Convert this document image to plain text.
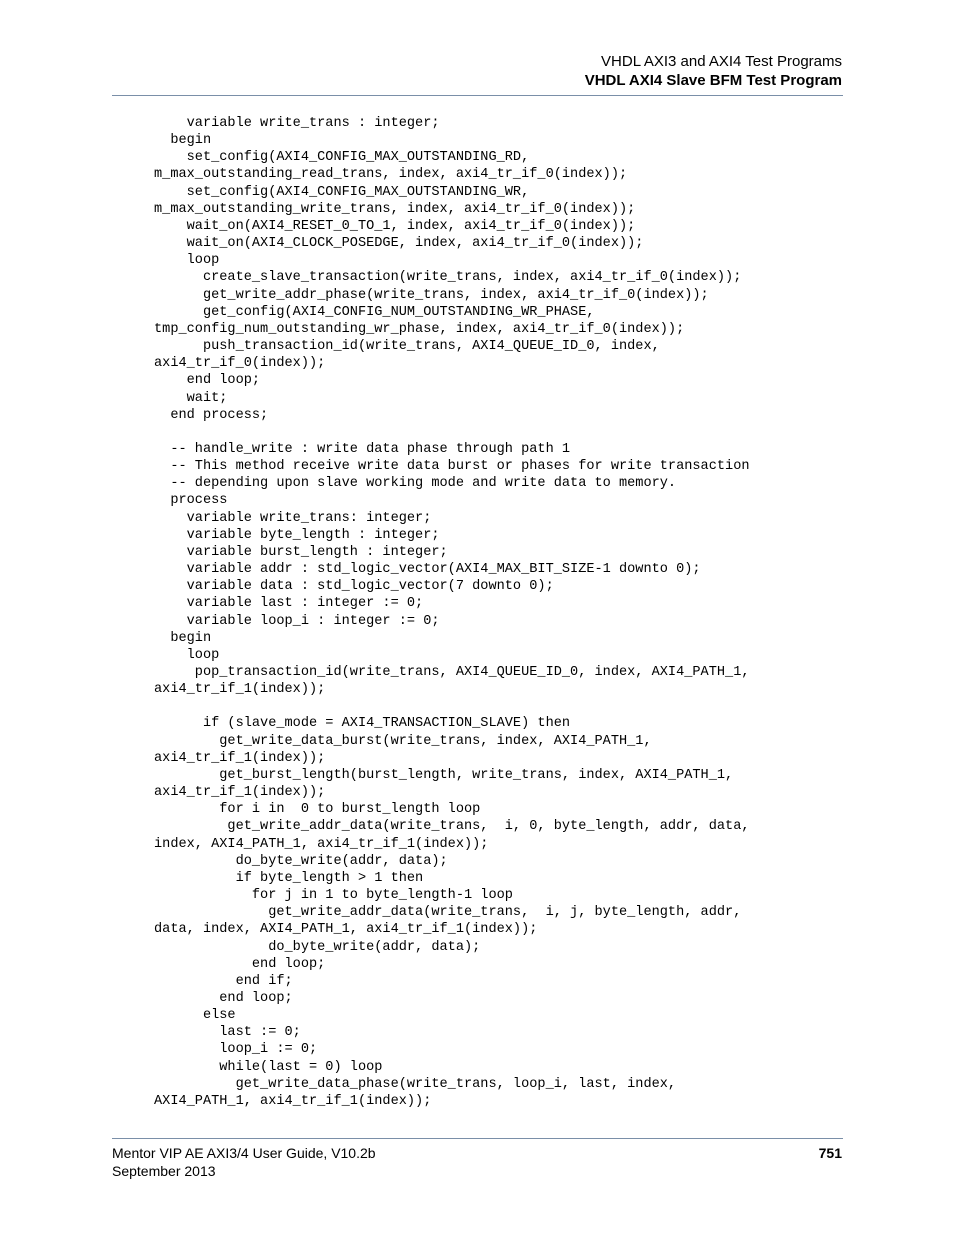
VHDL AXI3 and AXI4 Test Programs
VHDL AXI4 Slave BFM Test Program
variable write_trans : integer;
begin
set_config(AXI4_CONFIG_MAX_OUTSTANDING_RD,
m_max_outstanding_read_trans, index, axi4_tr_if_0(index));
set_config(AXI4_CONFIG_MAX_OUTSTANDING_WR,
m_max_outstanding_write_trans, index, axi4_tr_if_0(index));
wait_on(AXI4_RESET_0_TO_1, index, axi4_tr_if_0(index));
wait_on(AXI4_CLOCK_POSEDGE, index, axi4_tr_if_0(index));
loop
create_slave_transaction(write_trans, index, axi4_tr_if_0(index));
get_write_addr_phase(write_trans, index, axi4_tr_if_0(index));
get_config(AXI4_CONFIG_NUM_OUTSTANDING_WR_PHASE,
tmp_config_num_outstanding_wr_phase, index, axi4_tr_if_0(index));
push_transaction_id(write_trans, AXI4_QUEUE_ID_0, index,
axi4_tr_if_0(index));
end loop;
wait;
end process;

-- handle_write : write data phase through path 1
-- This method receive write data burst or phases for write transaction
-- depending upon slave working mode and write data to memory.
process
variable write_trans: integer;
variable byte_length : integer;
variable burst_length : integer;
variable addr : std_logic_vector(AXI4_MAX_BIT_SIZE-1 downto 0);
variable data : std_logic_vector(7 downto 0);
variable last : integer := 0;
variable loop_i : integer := 0;
begin
loop
pop_transaction_id(write_trans, AXI4_QUEUE_ID_0, index, AXI4_PATH_1,
axi4_tr_if_1(index));

if (slave_mode = AXI4_TRANSACTION_SLAVE) then
get_write_data_burst(write_trans, index, AXI4_PATH_1,
axi4_tr_if_1(index));
get_burst_length(burst_length, write_trans, index, AXI4_PATH_1,
axi4_tr_if_1(index));
for i in  0 to burst_length loop
get_write_addr_data(write_trans,  i, 0, byte_length, addr, data,
index, AXI4_PATH_1, axi4_tr_if_1(index));
do_byte_write(addr, data);
if byte_length > 1 then
for j in 1 to byte_length-1 loop
get_write_addr_data(write_trans,  i, j, byte_length, addr,
data, index, AXI4_PATH_1, axi4_tr_if_1(index));
do_byte_write(addr, data);
end loop;
end if;
end loop;
else
last := 0;
loop_i := 0;
while(last = 0) loop
get_write_data_phase(write_trans, loop_i, last, index,
AXI4_PATH_1, axi4_tr_if_1(index));
Mentor VIP AE AXI3/4 User Guide, V10.2b
September 2013
751
